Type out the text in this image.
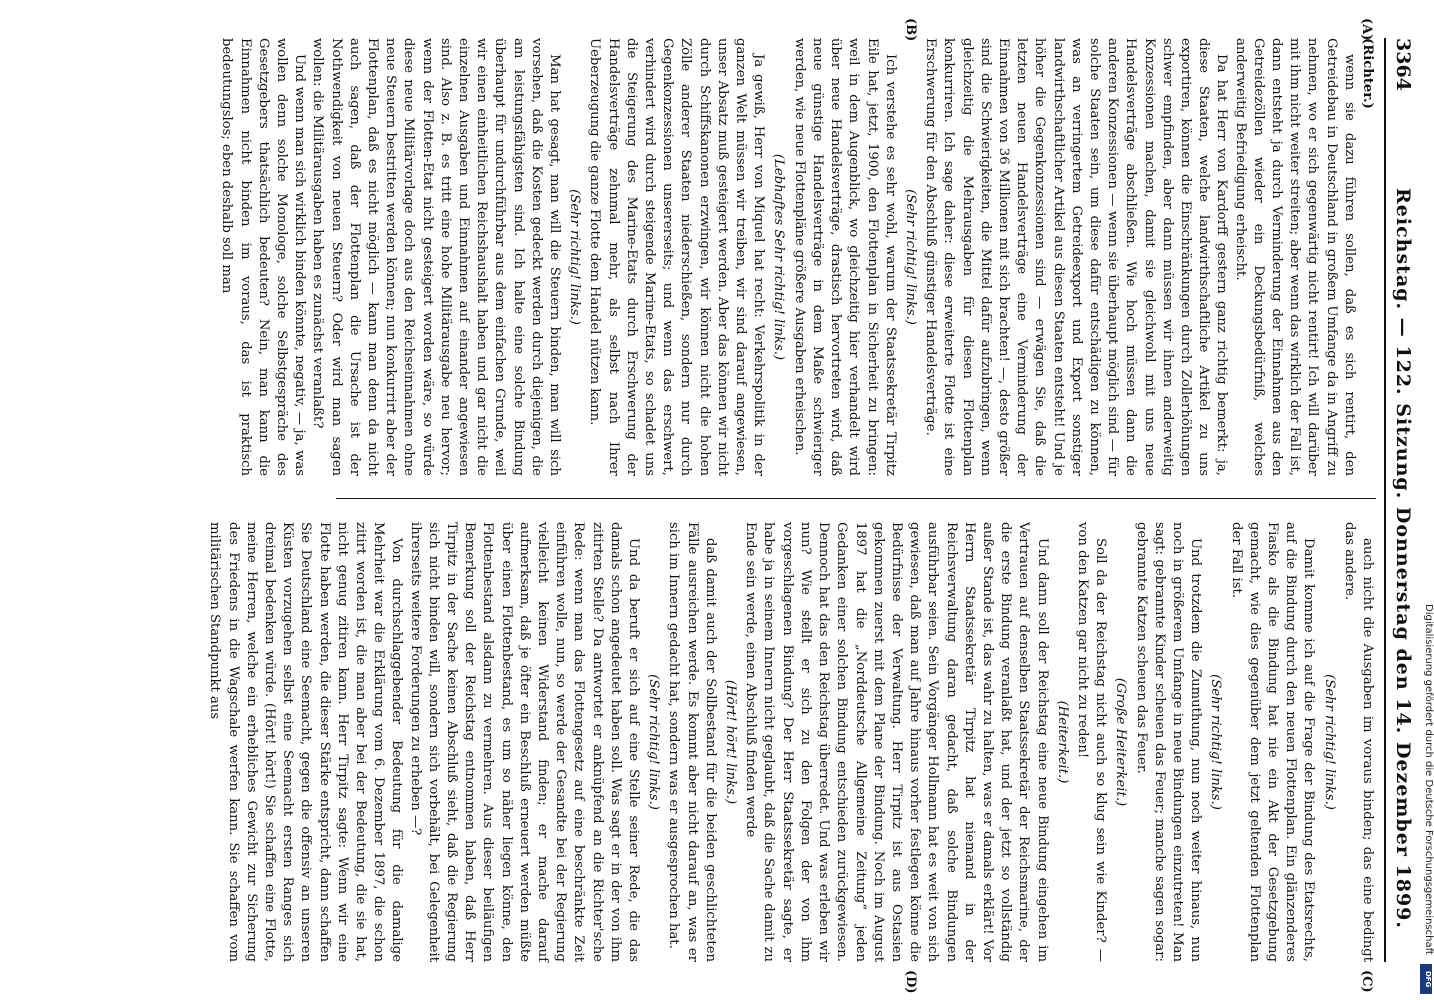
3364
Reichstag. — 122. Sitzung. Donnerstag den 14. Dezember 1899.
(A)
(B)
(C)
(D)

(Richter.)

wenn sie dazu führen sollen, daß es sich rentirt, den Getreidebau in Deutschland in großem Umfange da in Angriff zu nehmen, wo er sich gegenwärtig nicht rentirt! Ich will darüber mit ihm nicht weiter streiten; aber wenn das wirklich der Fall ist, dann entsteht ja durch Verminderung der Einnahmen aus den Getreidezöllen wieder ein Deckungsbedürfniß, welches anderweitig Befriedigung erheischt.

Da hat Herr von Kardorff gestern ganz richtig bemerkt: ja, diese Staaten, welche landwirthschaftliche Artikel zu uns exportiren, können die Einschränkungen durch Zollerhöhungen schwer empfinden, aber dann müssen wir ihnen anderweitig Konzessionen machen, damit sie gleichwohl mit uns neue Handelsverträge abschließen. Wie hoch müssen dann die anderen Konzessionen — wenn sie überhaupt möglich sind — für solche Staaten sein, um diese dafür entschädigen zu können, was an verringertem Getreideexport und Export sonstiger landwirthschaftlicher Artikel aus diesen Staaten entsteht! Und je höher die Gegenkonzessionen sind — erwägen Sie, daß die letzten neuen Handelsverträge eine Verminderung der Einnahmen von 36 Millionen mit sich brachten! —, desto größer sind die Schwierigkeiten, die Mittel dafür aufzubringen, wenn gleichzeitig die Mehrausgaben für diesen Flottenplan konkurriren. Ich sage daher: diese erweiterte Flotte ist eine Erschwerung für den Abschluß günstiger Handelsverträge.

(Sehr richtig! links.)

Ich verstehe es sehr wohl, warum der Staatssekretär Tirpitz Eile hat, jetzt, 1900, den Flottenplan in Sicherheit zu bringen: weil in dem Augenblick, wo gleichzeitig hier verhandelt wird über neue Handelsverträge, drastisch hervortreten wird, daß neue günstige Handelsverträge in dem Maße schwieriger werden, wie neue Flottenpläne größere Ausgaben erheischen.

(Lebhaftes Sehr richtig! links.)

Ja gewiß, Herr von Miquel hat recht: Verkehrspolitik in der ganzen Welt müssen wir treiben, wir sind darauf angewiesen, unser Absatz muß gesteigert werden. Aber das können wir nicht durch Schiffskanonen erzwingen, wir können nicht die hohen Zölle anderer Staaten niederschießen, sondern nur durch Gegenkonzessionen unsererseits; und wenn das erschwert, verhindert wird durch steigende Marine-Etats, so schadet uns die Steigerung des Marine-Etats durch Erschwerung der Handelsverträge zehnmal mehr, als selbst nach Ihrer Ueberzeugung die ganze Flotte dem Handel nützen kann.

(Sehr richtig! links.)

Man hat gesagt, man will die Steuern binden, man will sich vorsehen, daß die Kosten gedeckt werden durch diejenigen, die am leistungsfähigsten sind. Ich halte eine solche Bindung überhaupt für undurchführbar aus dem einfachen Grunde, weil wir einen einheitlichen Reichshaushalt haben und gar nicht die einzelnen Ausgaben und Einnahmen auf einander angewiesen sind. Also z. B. es tritt eine hohe Militärausgabe neu hervor; wenn der Flotten-Etat nicht gesteigert worden wäre, so würde diese neue Militärvorlage doch aus den Reichseinnahmen ohne neue Steuern bestritten werden können; nun konkurrirt aber der Flottenplan, daß es nicht möglich — kann man denn da nicht auch sagen, daß der Flottenplan die Ursache ist der Nothwendigkeit von neuen Steuern? Oder wird man sagen wollen: die Militärausgaben haben es zunächst veranlaßt?

Und wenn man sich wirklich binden könnte, negativ, — ja, was wollen denn solche Monologe, solche Selbstgespräche des Gesetzgebers thatsächlich bedeuten? Nein, man kann die Einnahmen nicht binden im voraus, das ist praktisch bedeutungslos; eben deshalb soll man

auch nicht die Ausgaben im voraus binden; das eine bedingt das andere.

(Sehr richtig! links.)

Damit komme ich auf die Frage der Bindung des Etatsrechts, auf die Bindung durch den neuen Flottenplan. Ein glänzenderes Fiasko als die Bindung hat nie ein Akt der Gesetzgebung gemacht, wie dies gegenüber dem jetzt geltenden Flottenplan der Fall ist.

(Sehr richtig! links.)

Und trotzdem die Zumuthung, nun noch weiter hinaus, nun noch in größerem Umfange in neue Bindungen einzutreten! Man sagt: gebrannte Kinder scheuen das Feuer; manche sagen sogar: gebrannte Katzen scheuen das Feuer.

(Große Heiterkeit.)

Soll da der Reichstag nicht auch so klug sein wie Kinder? — von den Katzen gar nicht zu reden!

(Heiterkeit.)

Und dann soll der Reichstag eine neue Bindung eingehen im Vertrauen auf denselben Staatssekretär der Reichsmarine, der die erste Bindung veranlaßt hat, und der jetzt so vollständig außer Stande ist, das wahr zu halten, was er damals erklärt! Vor Herrn Staatssekretär Tirpitz hat niemand in der Reichsverwaltung daran gedacht, daß solche Bindungen ausführbar seien. Sein Vorgänger Hollmann hat es weit von sich gewiesen, daß man auf Jahre hinaus vorher festlegen könne die Bedürfnisse der Verwaltung. Herr Tirpitz ist aus Ostasien gekommen zuerst mit dem Plane der Bindung. Noch im August 1897 hat die „Norddeutsche Allgemeine Zeitung“ jeden Gedanken einer solchen Bindung entschieden zurückgewiesen. Dennoch hat das den Reichstag überredet. Und was erleben wir nun? Wie stellt er sich zu den Folgen der von ihm vorgeschlagenen Bindung? Der Herr Staatssekretär sagte, er habe ja in seinem Innern nicht geglaubt, daß die Sache damit zu Ende sein werde, einen Abschluß finden werde

(Hört! hört! links.)

daß damit auch der Sollbestand für die beiden geschlichteten Fälle ausreichen werde. Es kommt aber nicht darauf an, was er sich im Innern gedacht hat, sondern was er ausgesprochen hat.

(Sehr richtig! links.)

Und da beruft er sich auf eine Stelle seiner Rede, die das damals schon angedeutet haben soll. Was sagt er in der von ihm zitirten Stelle? Da antwortet er anknüpfend an die Richter'sche Rede: wenn man das Flottengesetz auf eine beschränkte Zeit einführen wolle, nun, so werde der Gesandte bei der Regierung vielleicht keinen Widerstand finden; er mache darauf aufmerksam, daß je öfter ein Beschluß erneuert werden müßte über einen Flottenbestand, es um so näher liegen könne, den Flottenbestand alsdann zu vermehren. Aus dieser beiläufigen Bemerkung soll der Reichstag entnommen haben, daß Herr Tirpitz in der Sache keinen Abschluß sieht, daß die Regierung sich nicht binden will, sondern sich vorbehält, bei Gelegenheit ihrerseits weitere Forderungen zu erheben —?

Von durchschlaggebender Bedeutung für die damalige Mehrheit war die Erklärung vom 6. Dezember 1897, die schon zitirt worden ist, die man aber bei der Bedeutung, die sie hat, nicht genug zitiren kann. Herr Tirpitz sagte: Wenn wir eine Flotte haben werden, die dieser Stärke entspricht, dann schaffen Sie Deutschland eine Seemacht, gegen die offensiv an unseren Küsten vorzugehen selbst eine Seemacht ersten Ranges sich dreimal bedenken würde. (Hört! hört!) Sie schaffen eine Flotte, meine Herren, welche ein erhebliches Gewicht zur Sicherung des Friedens in die Wagschale werfen kann. Sie schaffen vom militärischen Standpunkt aus	Digitalisierung gefördert durch die Deutsche Forschungsgemeinschaft
DFG
